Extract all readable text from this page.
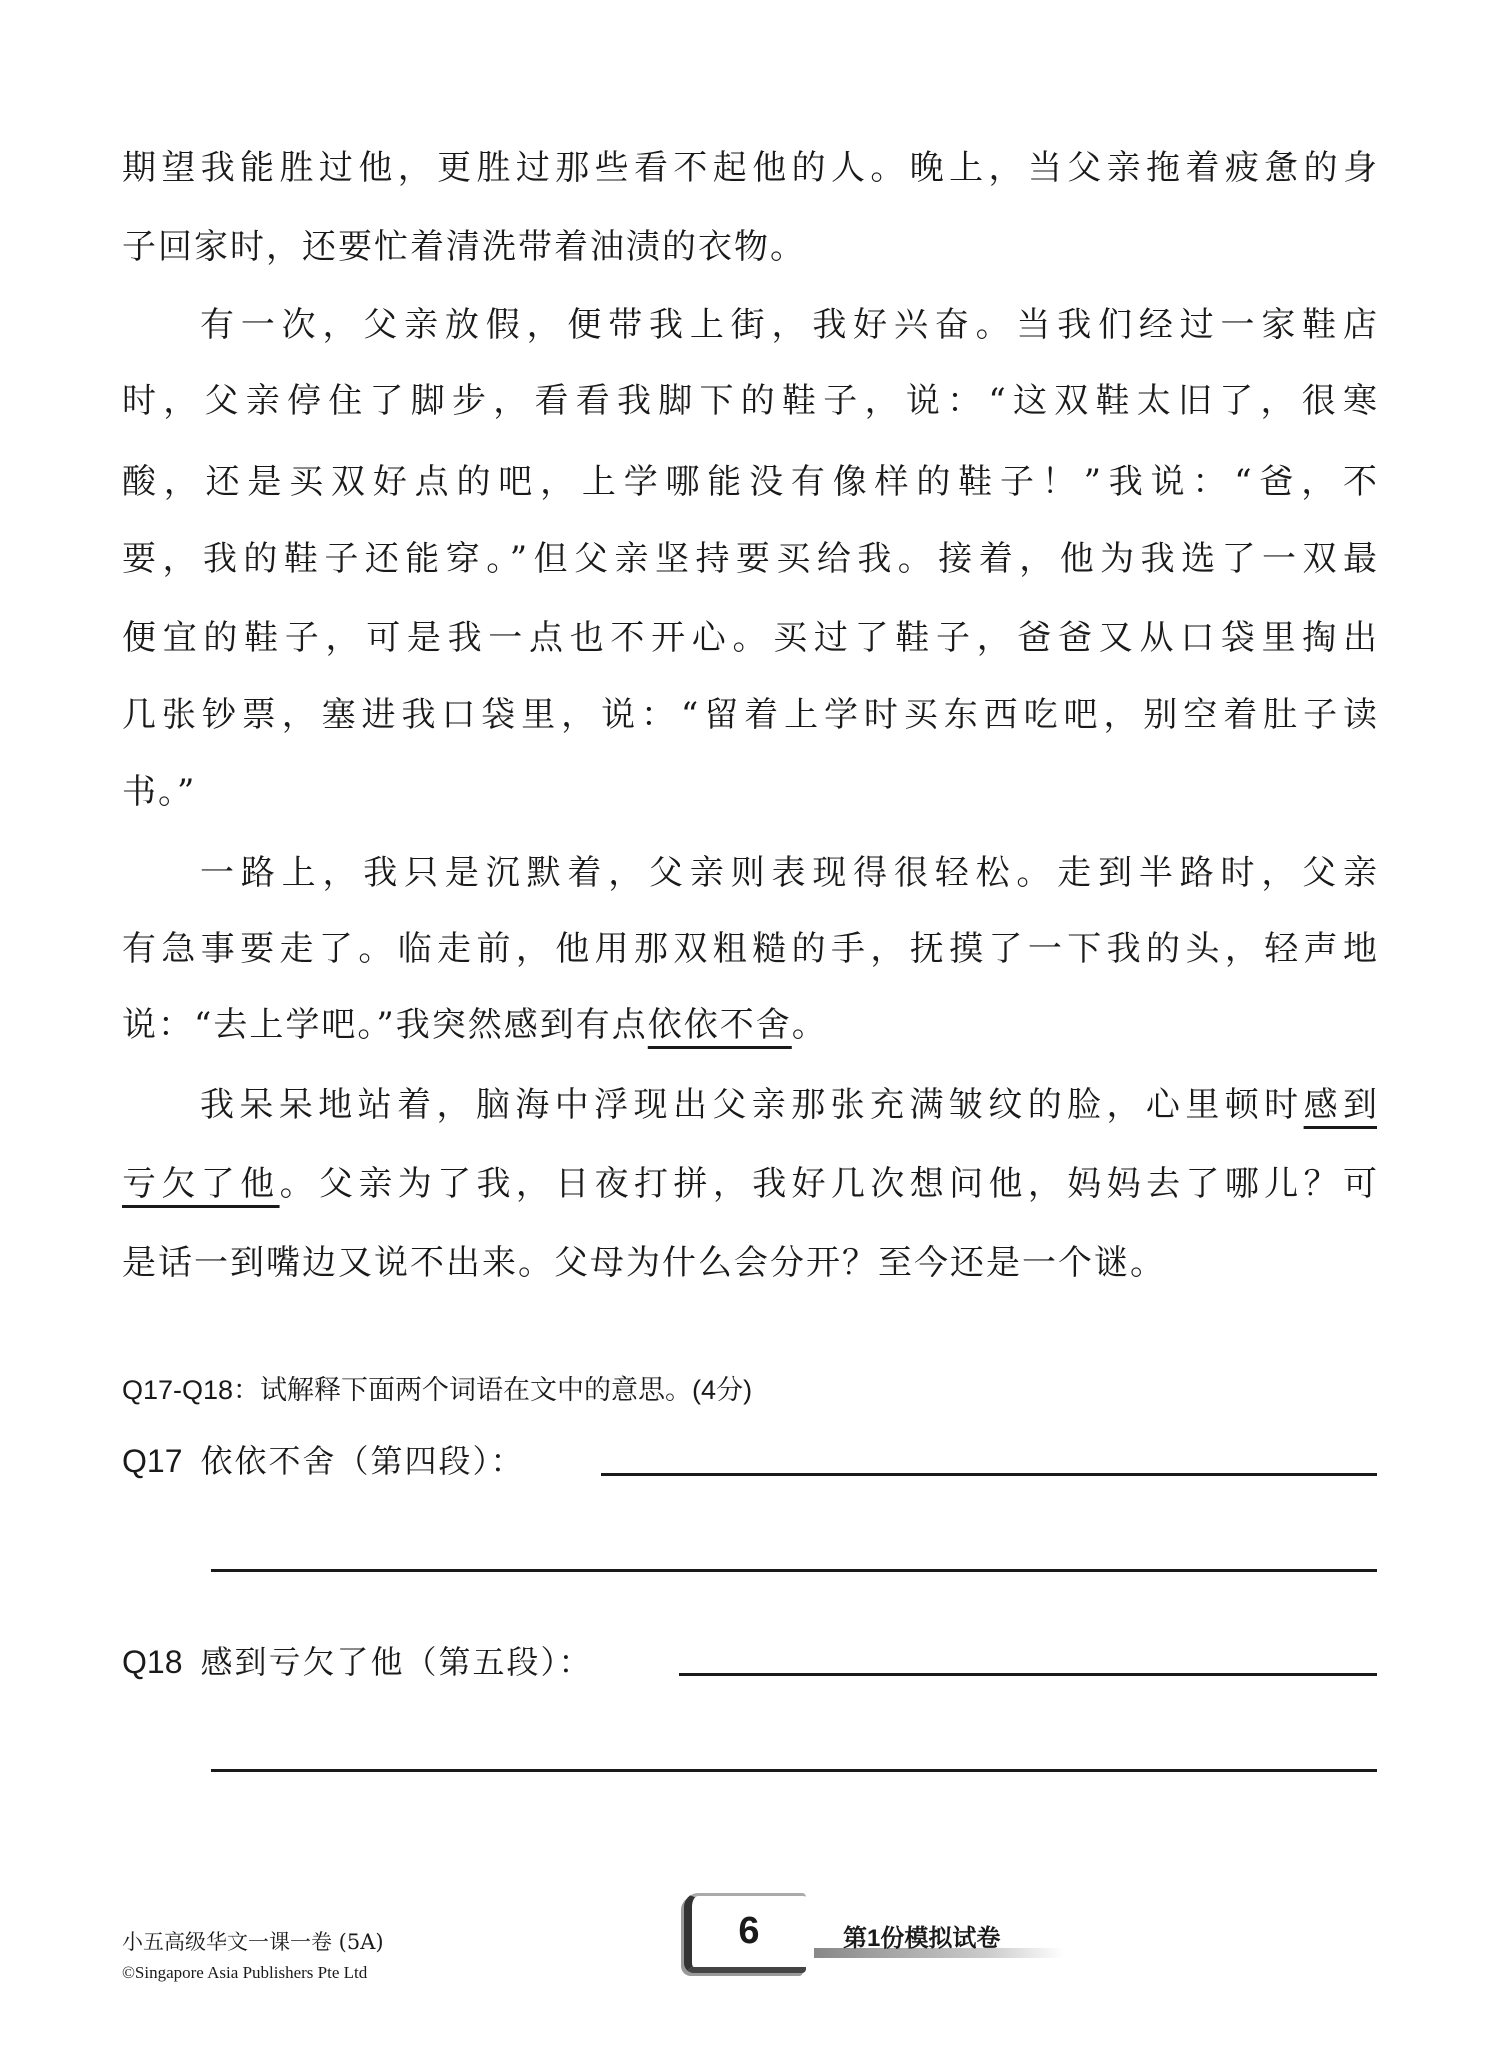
期望我能胜过他，更胜过那些看不起他的人。晚上，当父亲拖着疲惫的身
子回家时，还要忙着清洗带着油渍的衣物。
有一次，父亲放假，便带我上街，我好兴奋。当我们经过一家鞋店
时，父亲停住了脚步，看看我脚下的鞋子，说：“这双鞋太旧了，很寒
酸，还是买双好点的吧，上学哪能没有像样的鞋子！”我说：“爸，不
要，我的鞋子还能穿。”但父亲坚持要买给我。接着，他为我选了一双最
便宜的鞋子，可是我一点也不开心。买过了鞋子，爸爸又从口袋里掏出
几张钞票，塞进我口袋里，说：“留着上学时买东西吃吧，别空着肚子读
书。”
一路上，我只是沉默着，父亲则表现得很轻松。走到半路时，父亲
有急事要走了。临走前，他用那双粗糙的手，抚摸了一下我的头，轻声地
说：“去上学吧。”我突然感到有点依依不舍。
我呆呆地站着，脑海中浮现出父亲那张充满皱纹的脸，心里顿时感到
亏欠了他。父亲为了我，日夜打拼，我好几次想问他，妈妈去了哪儿？可
是话一到嘴边又说不出来。父母为什么会分开？至今还是一个谜。
Q17-Q18：试解释下面两个词语在文中的意思。(4分)
Q17 依依不舍（第四段）：
Q18 感到亏欠了他（第五段）：
小五高级华文一课一卷 (5A)
©Singapore Asia Publishers Pte Ltd
6	第1份模拟试卷
